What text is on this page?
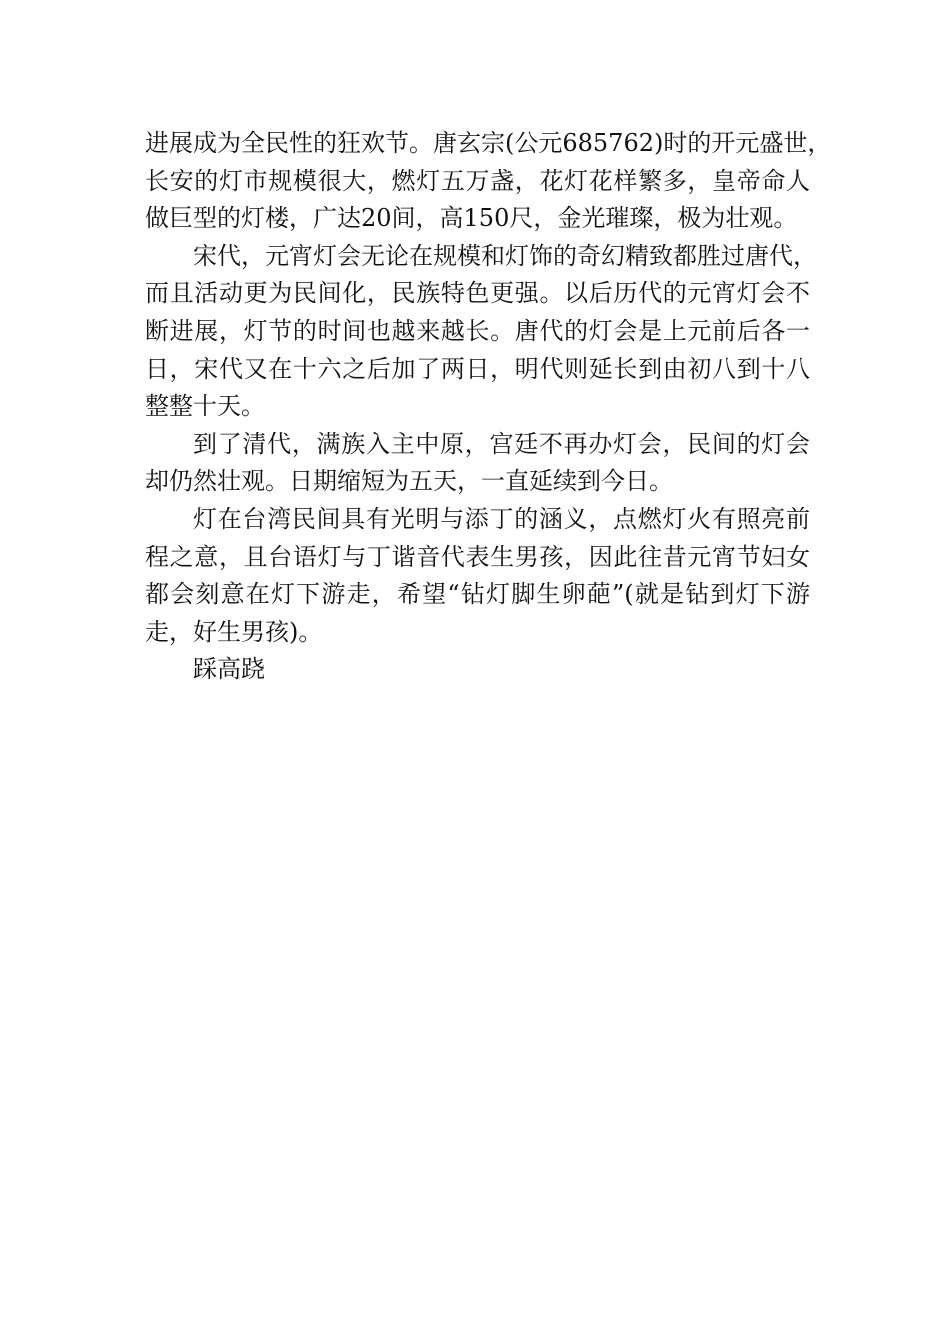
进展成为全民性的狂欢节。唐玄宗(公元685762)时的开元盛世，
长安的灯市规模很大，燃灯五万盏，花灯花样繁多，皇帝命人
做巨型的灯楼，广达20间，高150尺，金光璀璨，极为壮观。
宋代，元宵灯会无论在规模和灯饰的奇幻精致都胜过唐代，
而且活动更为民间化，民族特色更强。以后历代的元宵灯会不
断进展，灯节的时间也越来越长。唐代的灯会是上元前后各一
日，宋代又在十六之后加了两日，明代则延长到由初八到十八
整整十天。
到了清代，满族入主中原，宫廷不再办灯会，民间的灯会
却仍然壮观。日期缩短为五天，一直延续到今日。
灯在台湾民间具有光明与添丁的涵义，点燃灯火有照亮前
程之意，且台语灯与丁谐音代表生男孩，因此往昔元宵节妇女
都会刻意在灯下游走，希望“钻灯脚生卵葩”(就是钻到灯下游
走，好生男孩)。
踩高跷
